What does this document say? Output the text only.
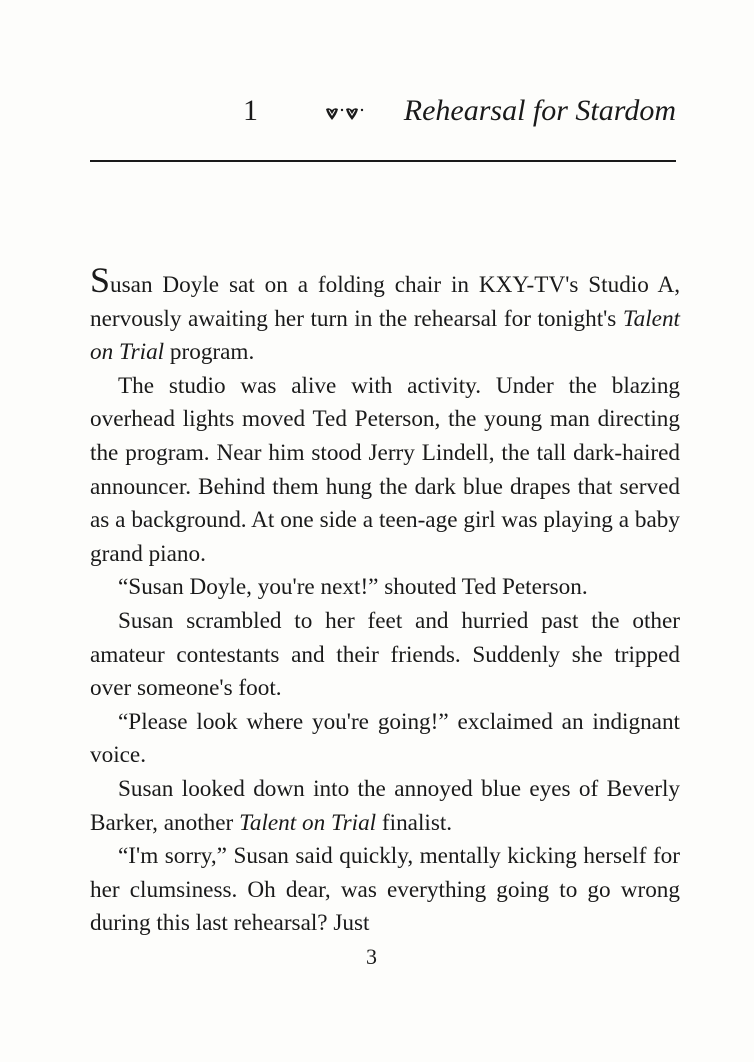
1	Rehearsal for Stardom

Susan Doyle sat on a folding chair in KXY-TV's Studio A, nervously awaiting her turn in the rehearsal for tonight's Talent on Trial program.

The studio was alive with activity. Under the blazing overhead lights moved Ted Peterson, the young man directing the program. Near him stood Jerry Lindell, the tall dark-haired announcer. Behind them hung the dark blue drapes that served as a background. At one side a teen-age girl was playing a baby grand piano.

“Susan Doyle, you're next!” shouted Ted Peterson.

Susan scrambled to her feet and hurried past the other amateur contestants and their friends. Suddenly she tripped over someone's foot.

“Please look where you're going!” exclaimed an indignant voice.

Susan looked down into the annoyed blue eyes of Beverly Barker, another Talent on Trial finalist.

“I'm sorry,” Susan said quickly, mentally kicking herself for her clumsiness. Oh dear, was everything going to go wrong during this last rehearsal? Just

3
